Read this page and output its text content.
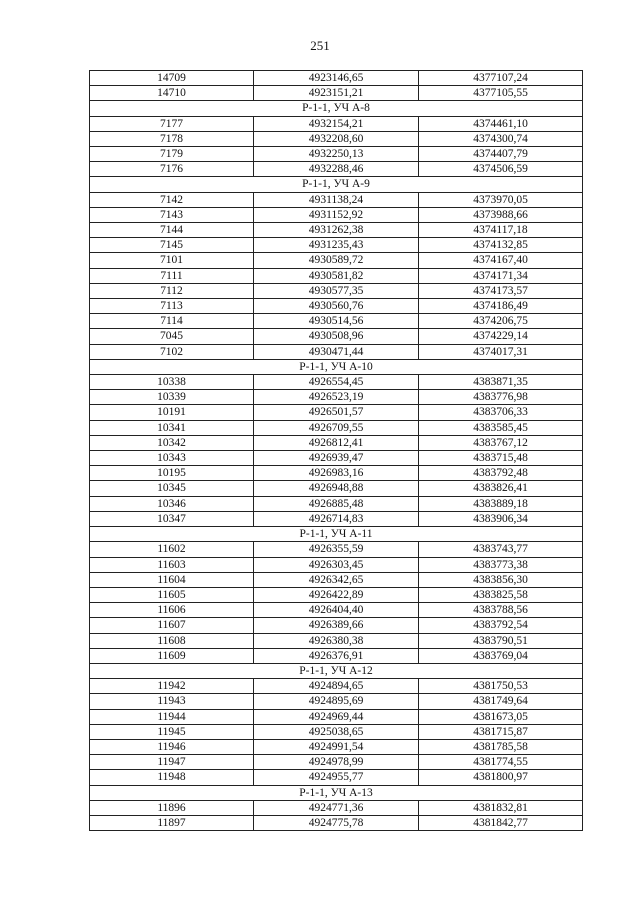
251
14709	4923146,65	4377107,24
14710	4923151,21	4377105,55
Р-1-1, УЧ А-8		
7177	4932154,21	4374461,10
7178	4932208,60	4374300,74
7179	4932250,13	4374407,79
7176	4932288,46	4374506,59
Р-1-1, УЧ А-9		
7142	4931138,24	4373970,05
7143	4931152,92	4373988,66
7144	4931262,38	4374117,18
7145	4931235,43	4374132,85
7101	4930589,72	4374167,40
7111	4930581,82	4374171,34
7112	4930577,35	4374173,57
7113	4930560,76	4374186,49
7114	4930514,56	4374206,75
7045	4930508,96	4374229,14
7102	4930471,44	4374017,31
Р-1-1, УЧ А-10		
10338	4926554,45	4383871,35
10339	4926523,19	4383776,98
10191	4926501,57	4383706,33
10341	4926709,55	4383585,45
10342	4926812,41	4383767,12
10343	4926939,47	4383715,48
10195	4926983,16	4383792,48
10345	4926948,88	4383826,41
10346	4926885,48	4383889,18
10347	4926714,83	4383906,34
Р-1-1, УЧ А-11		
11602	4926355,59	4383743,77
11603	4926303,45	4383773,38
11604	4926342,65	4383856,30
11605	4926422,89	4383825,58
11606	4926404,40	4383788,56
11607	4926389,66	4383792,54
11608	4926380,38	4383790,51
11609	4926376,91	4383769,04
Р-1-1, УЧ А-12		
11942	4924894,65	4381750,53
11943	4924895,69	4381749,64
11944	4924969,44	4381673,05
11945	4925038,65	4381715,87
11946	4924991,54	4381785,58
11947	4924978,99	4381774,55
11948	4924955,77	4381800,97
Р-1-1, УЧ А-13		
11896	4924771,36	4381832,81
11897	4924775,78	4381842,77
